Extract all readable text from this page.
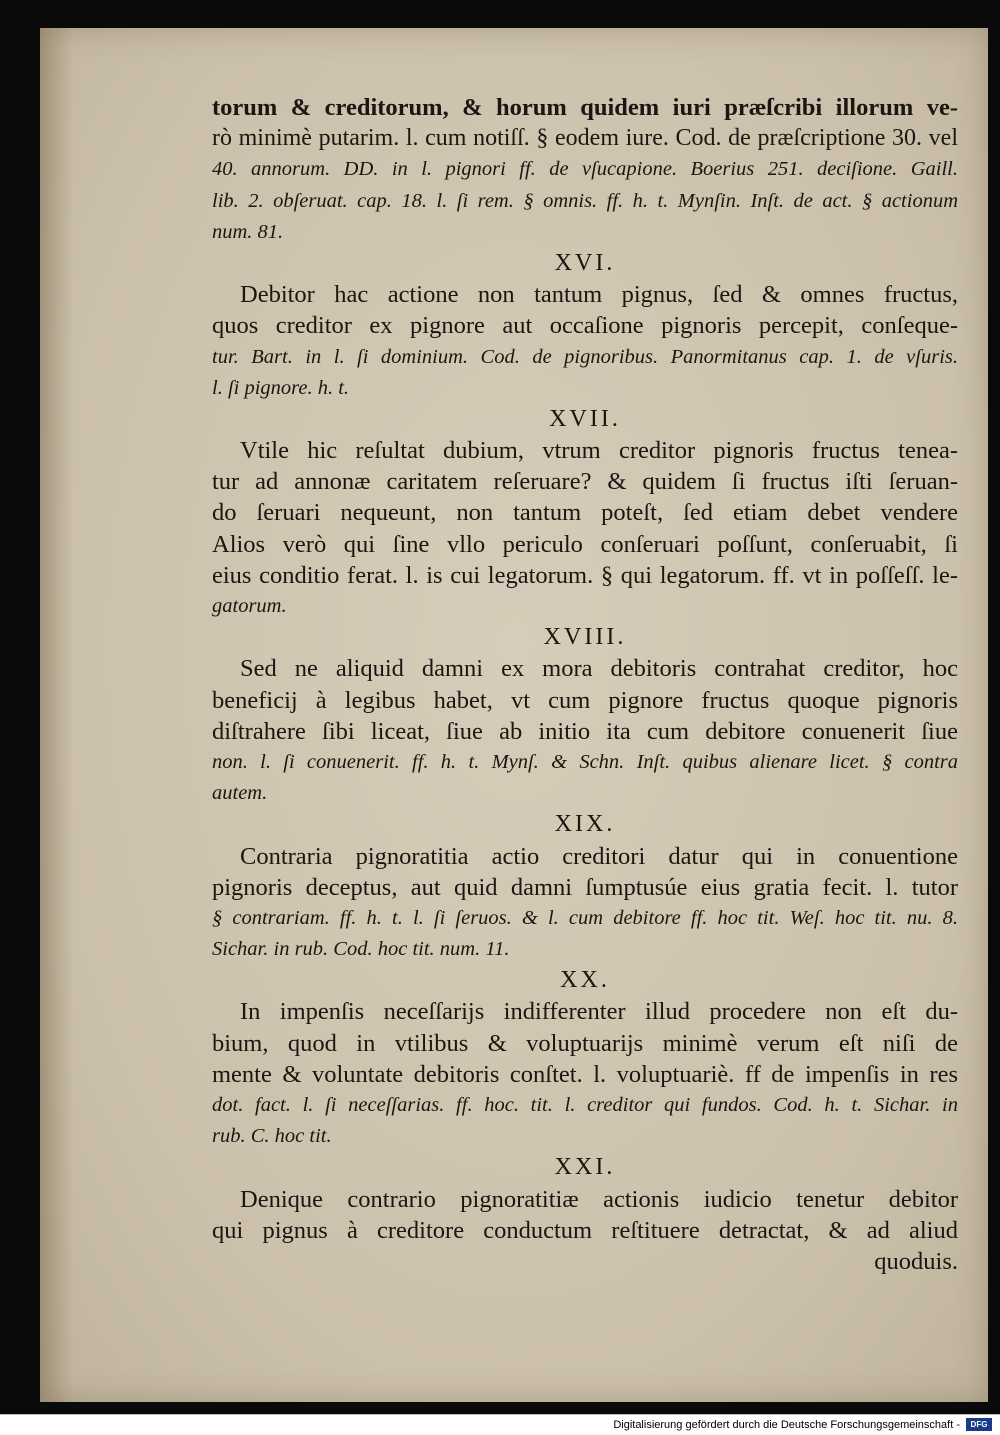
torum & creditorum, & horum quidem iuri præſcribi illorum ve-
rò minimè putarim. l. cum notiſſ. § eodem iure. Cod. de præſcriptione 30. vel
40. annorum. DD. in l. pignori ff. de vſucapione. Boerius 251. deciſione. Gaill.
lib. 2. obſeruat. cap. 18. l. ſi rem. § omnis. ff. h. t. Mynſin. Inſt. de act. § actionum
num. 81.
XVI.
Debitor hac actione non tantum pignus, ſed & omnes fructus,
quos creditor ex pignore aut occaſione pignoris percepit, conſeque-
tur. Bart. in l. ſi dominium. Cod. de pignoribus. Panormitanus cap. 1. de vſuris.
l. ſi pignore. h. t.
XVII.
Vtile hic reſultat dubium, vtrum creditor pignoris fructus tenea-
tur ad annonæ caritatem reſeruare? & quidem ſi fructus iſti ſeruan-
do ſeruari nequeunt, non tantum poteſt, ſed etiam debet vendere
Alios verò qui ſine vllo periculo conſeruari poſſunt, conſeruabit, ſi
eius conditio ferat. l. is cui legatorum. § qui legatorum. ff. vt in poſſeſſ. le-
gatorum.
XVIII.
Sed ne aliquid damni ex mora debitoris contrahat creditor, hoc
beneficij à legibus habet, vt cum pignore fructus quoque pignoris
diſtrahere ſibi liceat, ſiue ab initio ita cum debitore conuenerit ſiue
non. l. ſi conuenerit. ff. h. t. Mynſ. & Schn. Inſt. quibus alienare licet. § contra
autem.
XIX.
Contraria pignoratitia actio creditori datur qui in conuentione
pignoris deceptus, aut quid damni ſumptusúe eius gratia fecit. l. tutor
§ contrariam. ff. h. t. l. ſi ſeruos. & l. cum debitore ff. hoc tit. Weſ. hoc tit. nu. 8.
Sichar. in rub. Cod. hoc tit. num. 11.
XX.
In impenſis neceſſarijs indifferenter illud procedere non eſt du-
bium, quod in vtilibus & voluptuarijs minimè verum eſt niſi de
mente & voluntate debitoris conſtet. l. voluptuariè. ff de impenſis in res
dot. fact. l. ſi neceſſarias. ff. hoc. tit. l. creditor qui fundos. Cod. h. t. Sichar. in
rub. C. hoc tit.
XXI.
Denique contrario pignoratitiæ actionis iudicio tenetur debitor
qui pignus à creditore conductum reſtituere detractat, & ad aliud
quoduis.
Digitalisierung gefördert durch die Deutsche Forschungsgemeinschaft -	DFG
